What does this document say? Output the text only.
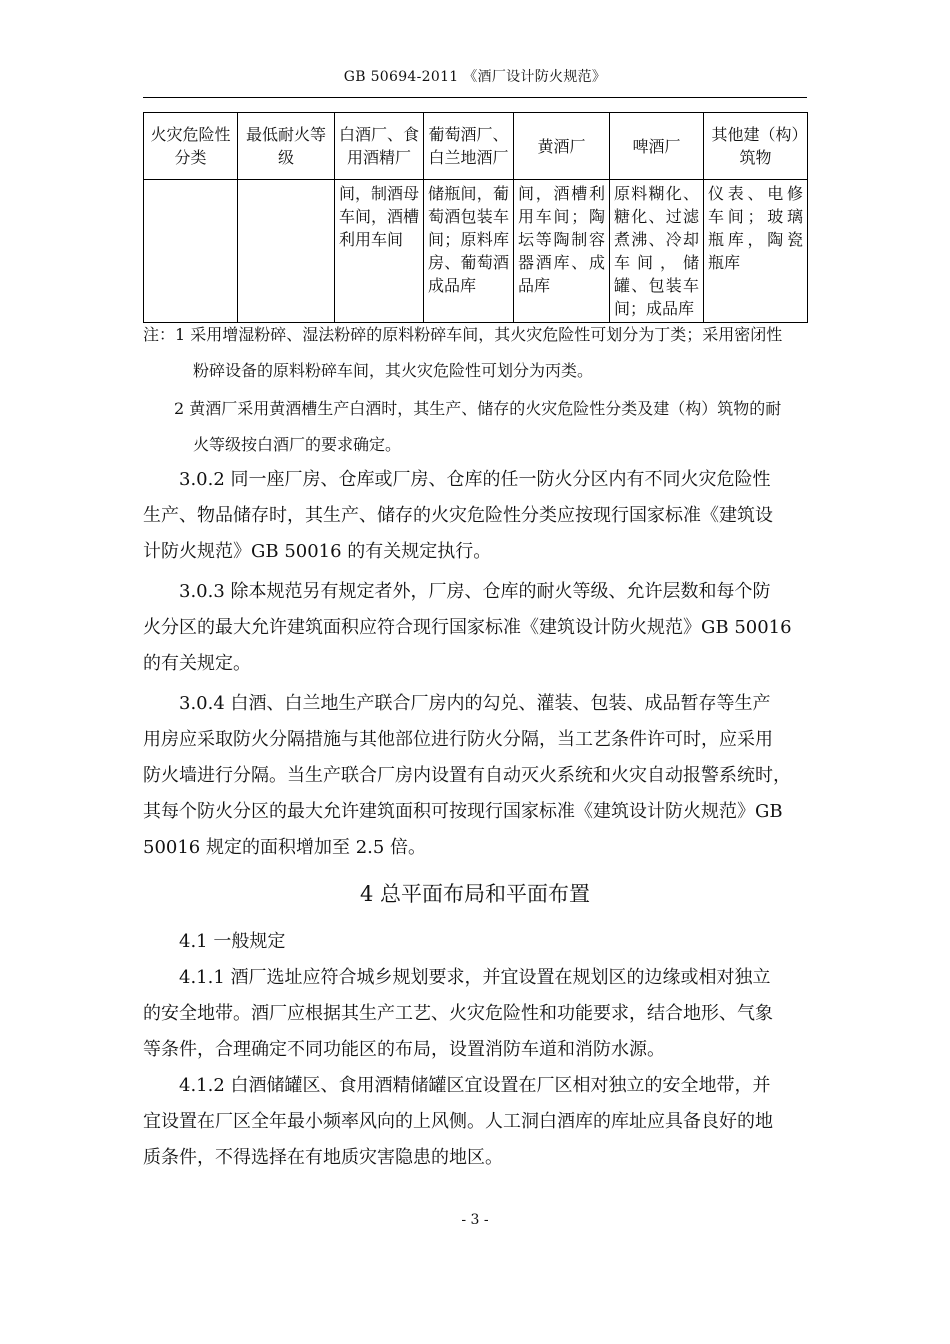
GB 50694-2011 《酒厂设计防火规范》
火灾危险性分类	最低耐火等级	白酒厂、食用酒精厂	葡萄酒厂、白兰地酒厂	黄酒厂	啤酒厂	其他建（构）筑物
		间，制酒母车间，酒槽利用车间	储瓶间，葡萄酒包装车间；原料库房、葡萄酒成品库	间，酒槽利用车间；陶坛等陶制容器酒库、成品库	原料糊化、糖化、过滤煮沸、冷却车间，储罐、包装车间；成品库	仪表、电修车间；玻璃瓶库，陶瓷瓶库
注：1 采用增湿粉碎、湿法粉碎的原料粉碎车间，其火灾危险性可划分为丁类；采用密闭性
粉碎设备的原料粉碎车间，其火灾危险性可划分为丙类。
2 黄酒厂采用黄酒槽生产白酒时，其生产、储存的火灾危险性分类及建（构）筑物的耐
火等级按白酒厂的要求确定。
3.0.2 同一座厂房、仓库或厂房、仓库的任一防火分区内有不同火灾危险性
生产、物品储存时，其生产、储存的火灾危险性分类应按现行国家标准《建筑设
计防火规范》GB 50016 的有关规定执行。
3.0.3 除本规范另有规定者外，厂房、仓库的耐火等级、允许层数和每个防
火分区的最大允许建筑面积应符合现行国家标准《建筑设计防火规范》GB 50016
的有关规定。
3.0.4 白酒、白兰地生产联合厂房内的勾兑、灌装、包装、成品暂存等生产
用房应采取防火分隔措施与其他部位进行防火分隔，当工艺条件许可时，应采用
防火墙进行分隔。当生产联合厂房内设置有自动灭火系统和火灾自动报警系统时，
其每个防火分区的最大允许建筑面积可按现行国家标准《建筑设计防火规范》GB
50016 规定的面积增加至 2.5 倍。
4 总平面布局和平面布置
4.1 一般规定
4.1.1 酒厂选址应符合城乡规划要求，并宜设置在规划区的边缘或相对独立
的安全地带。酒厂应根据其生产工艺、火灾危险性和功能要求，结合地形、气象
等条件，合理确定不同功能区的布局，设置消防车道和消防水源。
4.1.2 白酒储罐区、食用酒精储罐区宜设置在厂区相对独立的安全地带，并
宜设置在厂区全年最小频率风向的上风侧。人工洞白酒库的库址应具备良好的地
质条件，不得选择在有地质灾害隐患的地区。
- 3 -
